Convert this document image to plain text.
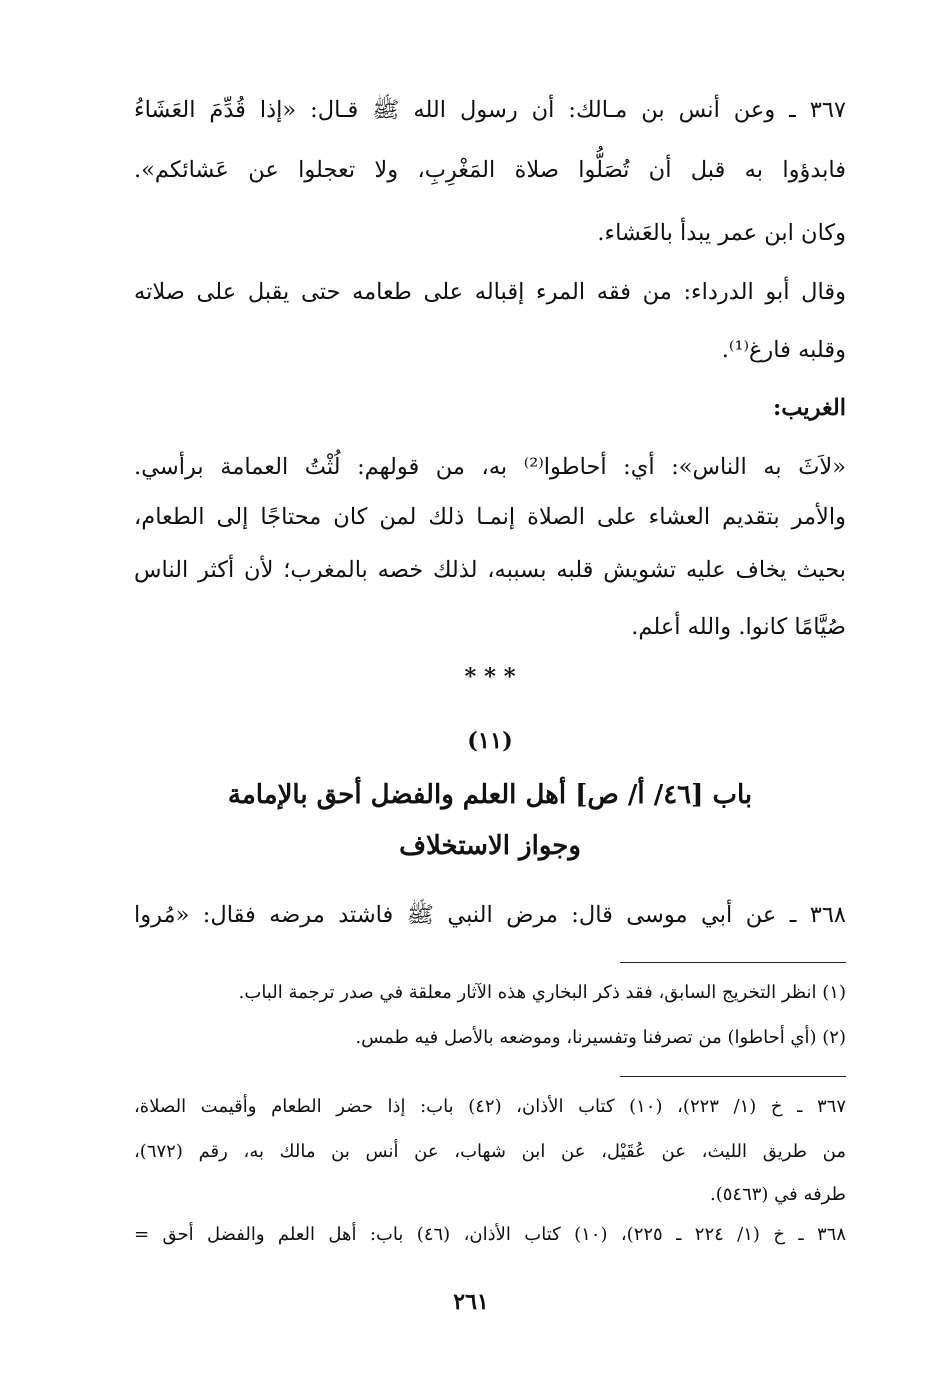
٣٦٧ ـ وعن أنس بن مـالك: أن رسول الله ﷺ قـال: «إذا قُدِّمَ العَشَاءُ
فابدؤوا به قبل أن تُصَلُّوا صلاة المَغْرِبِ، ولا تعجلوا عن عَشائكم».
وكان ابن عمر يبدأ بالعَشاء.
وقال أبو الدرداء: من فقه المرء إقباله على طعامه حتى يقبل على صلاته
وقلبه فارغ⁽¹⁾.
الغريب:
«لاَثَ به الناس»: أي: أحاطوا⁽²⁾ به، من قولهم: لُثْتُ العمامة برأسي.
والأمر بتقديم العشاء على الصلاة إنمـا ذلك لمن كان محتاجًا إلى الطعام،
بحيث يخاف عليه تشويش قلبه بسببه، لذلك خصه بالمغرب؛ لأن أكثر الناس
صُيَّامًا كانوا. والله أعلم.
* * *
(١١)
باب [٤٦/ أ/ ص] أهل العلم والفضل أحق بالإمامة
وجواز الاستخلاف
٣٦٨ ـ عن أبي موسى قال: مرض النبي ﷺ فاشتد مرضه فقال: «مُروا
(١) انظر التخريج السابق، فقد ذكر البخاري هذه الآثار معلقة في صدر ترجمة الباب.
(٢) (أي أحاطوا) من تصرفنا وتفسيرنا، وموضعه بالأصل فيه طمس.
٣٦٧ ـ خ (١/ ٢٢٣)، (١٠) كتاب الأذان، (٤٢) باب: إذا حضر الطعام وأقيمت الصلاة،
من طريق الليث، عن عُقَيْل، عن ابن شهاب، عن أنس بن مالك به، رقم (٦٧٢)،
طرفه في (٥٤٦٣).
٣٦٨ ـ خ (١/ ٢٢٤ ـ ٢٢٥)، (١٠) كتاب الأذان، (٤٦) باب: أهل العلم والفضل أحق =
٢٦١
